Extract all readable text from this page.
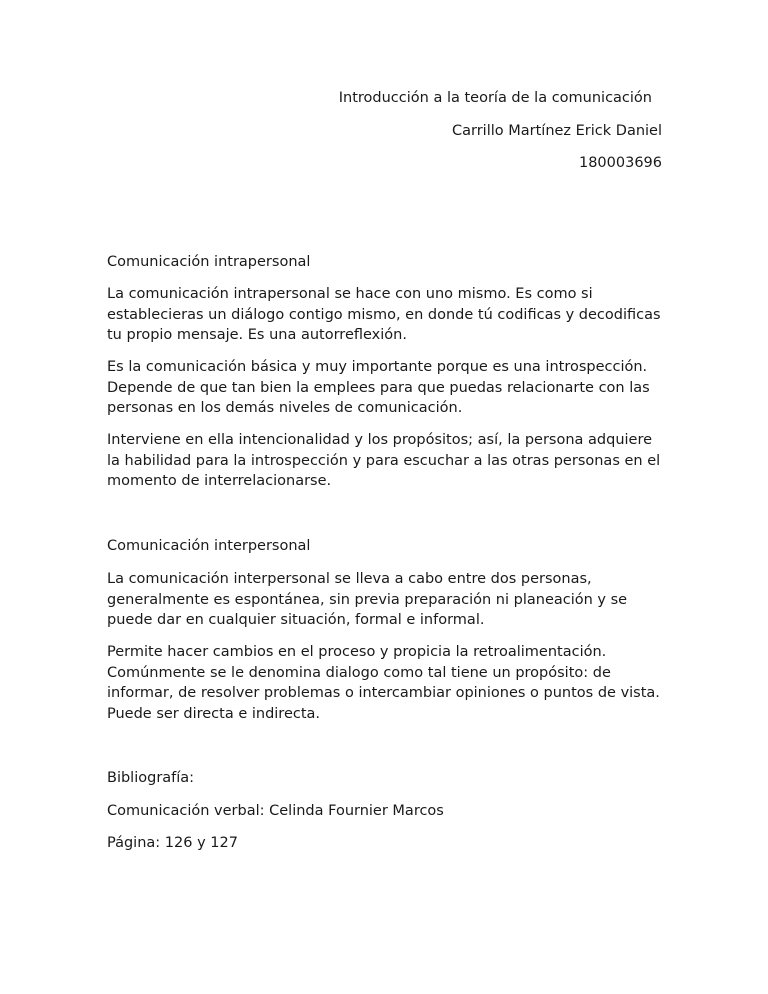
Introducción a la teoría de la comunicación

Carrillo Martínez Erick Daniel

180003696

Comunicación intrapersonal

La comunicación intrapersonal se hace con uno mismo. Es como si establecieras un diálogo contigo mismo, en donde tú codificas y decodificas tu propio mensaje. Es una autorreflexión.

Es la comunicación básica y muy importante porque es una introspección. Depende de que tan bien la emplees para que puedas relacionarte con las personas en los demás niveles de comunicación.

Interviene en ella intencionalidad y los propósitos; así, la persona adquiere la habilidad para la introspección y para escuchar a las otras personas en el momento de interrelacionarse.

Comunicación interpersonal

La comunicación interpersonal se lleva a cabo entre dos personas, generalmente es espontánea, sin previa preparación ni planeación y se puede dar en cualquier situación, formal e informal.

Permite hacer cambios en el proceso y propicia la retroalimentación. Comúnmente se le denomina dialogo como tal tiene un propósito: de informar, de resolver problemas o intercambiar opiniones o puntos de vista. Puede ser directa e indirecta.

Bibliografía:

Comunicación verbal: Celinda Fournier Marcos

Página: 126 y 127
